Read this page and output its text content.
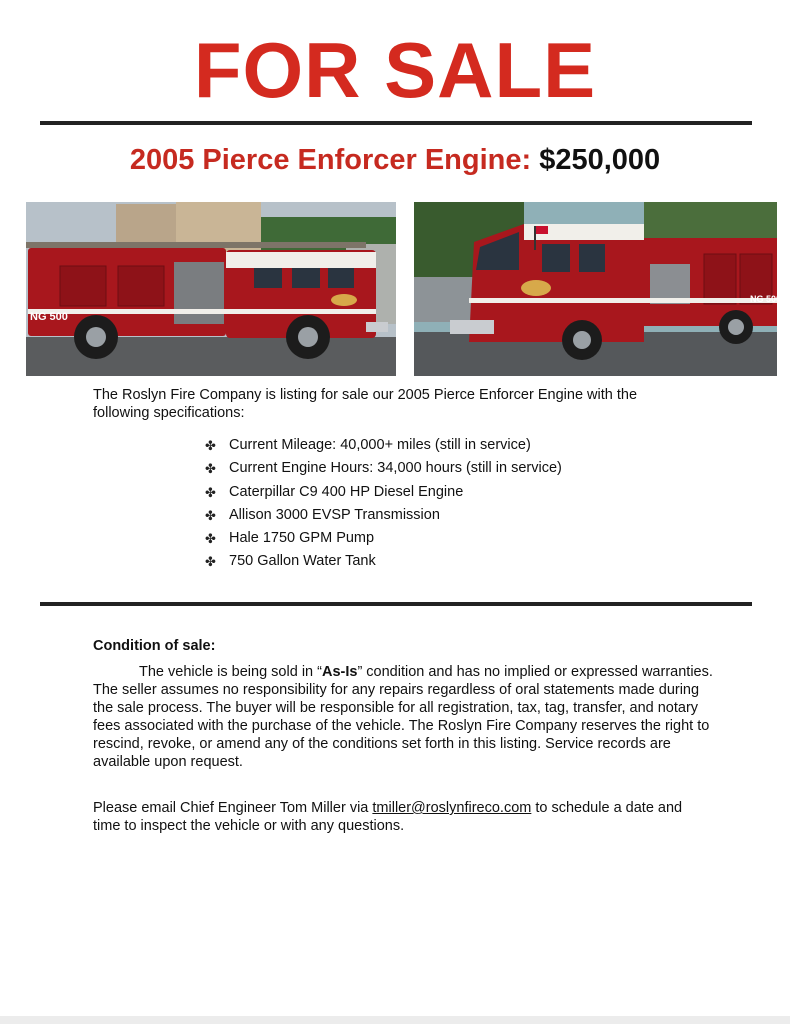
FOR SALE
2005 Pierce Enforcer Engine: $250,000
NG 500
NG 500
The Roslyn Fire Company is listing for sale our 2005 Pierce Enforcer Engine with the following specifications:
✤ Current Mileage: 40,000+ miles (still in service)
✤ Current Engine Hours: 34,000 hours (still in service)
✤ Caterpillar C9 400 HP Diesel Engine
✤ Allison 3000 EVSP Transmission
✤ Hale 1750 GPM Pump
✤ 750 Gallon Water Tank
Condition of sale:
The vehicle is being sold in “As-Is” condition and has no implied or expressed warranties. The seller assumes no responsibility for any repairs regardless of oral statements made during the sale process. The buyer will be responsible for all registration, tax, tag, transfer, and notary fees associated with the purchase of the vehicle. The Roslyn Fire Company reserves the right to rescind, revoke, or amend any of the conditions set forth in this listing. Service records are available upon request.
Please email Chief Engineer Tom Miller via tmiller@roslynfireco.com to schedule a date and time to inspect the vehicle or with any questions.
